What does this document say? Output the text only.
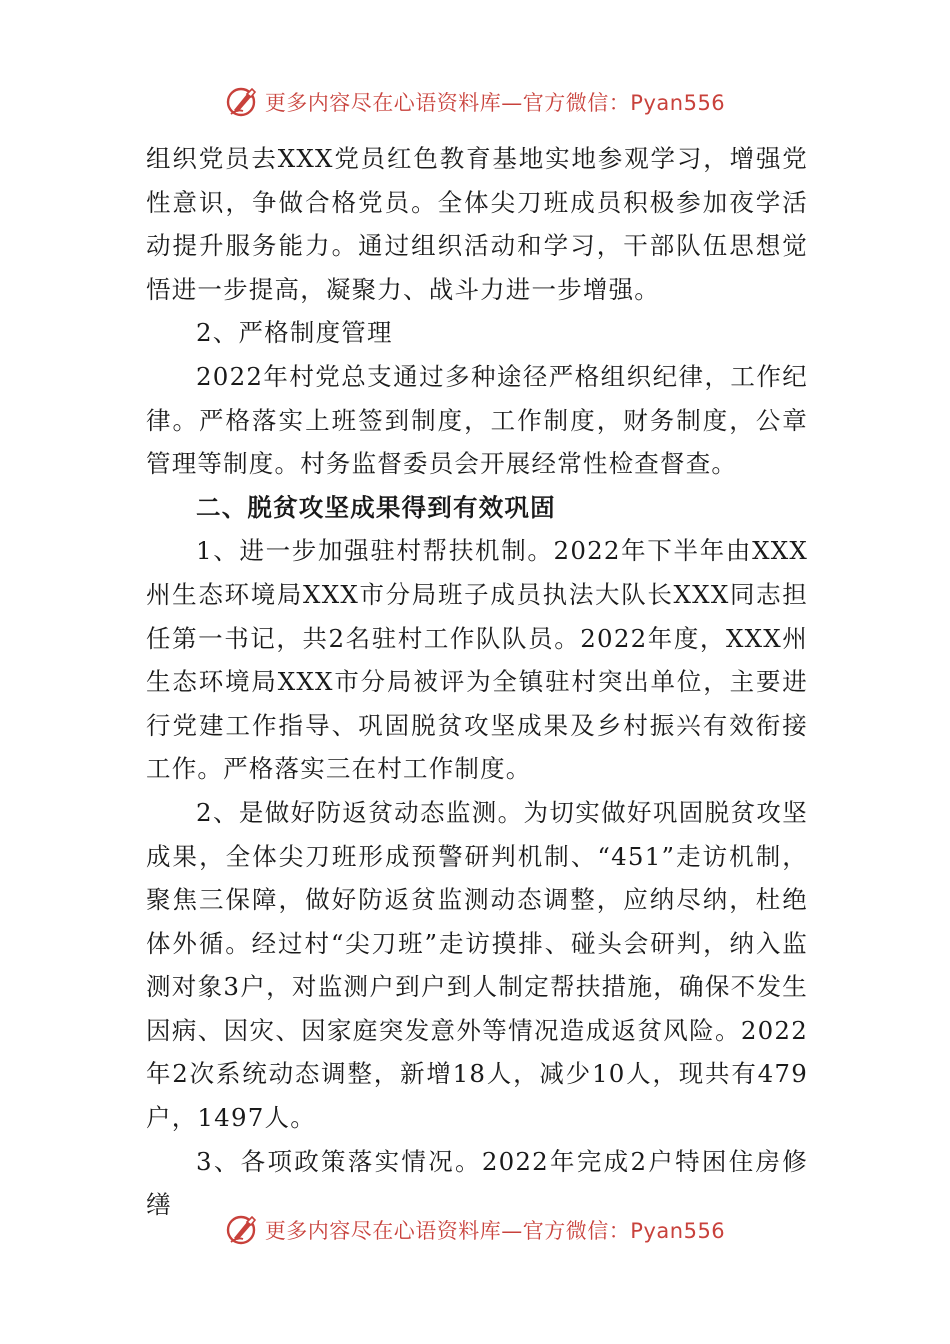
更多内容尽在心语资料库—官方微信：Pyan556

组织党员去XXX党员红色教育基地实地参观学习，增强党性意识，争做合格党员。全体尖刀班成员积极参加夜学活动提升服务能力。通过组织活动和学习，干部队伍思想觉悟进一步提高，凝聚力、战斗力进一步增强。

2、严格制度管理

2022年村党总支通过多种途径严格组织纪律，工作纪律。严格落实上班签到制度，工作制度，财务制度，公章管理等制度。村务监督委员会开展经常性检查督查。

二、脱贫攻坚成果得到有效巩固

1、进一步加强驻村帮扶机制。2022年下半年由XXX州生态环境局XXX市分局班子成员执法大队长XXX同志担任第一书记，共2名驻村工作队队员。2022年度，XXX州生态环境局XXX市分局被评为全镇驻村突出单位，主要进行党建工作指导、巩固脱贫攻坚成果及乡村振兴有效衔接工作。严格落实三在村工作制度。

2、是做好防返贫动态监测。为切实做好巩固脱贫攻坚成果，全体尖刀班形成预警研判机制、“451”走访机制，聚焦三保障，做好防返贫监测动态调整，应纳尽纳，杜绝体外循。经过村“尖刀班”走访摸排、碰头会研判，纳入监测对象3户，对监测户到户到人制定帮扶措施，确保不发生因病、因灾、因家庭突发意外等情况造成返贫风险。2022年2次系统动态调整，新增18人，减少10人，现共有479户，1497人。

3、各项政策落实情况。2022年完成2户特困住房修缮

更多内容尽在心语资料库—官方微信：Pyan556
